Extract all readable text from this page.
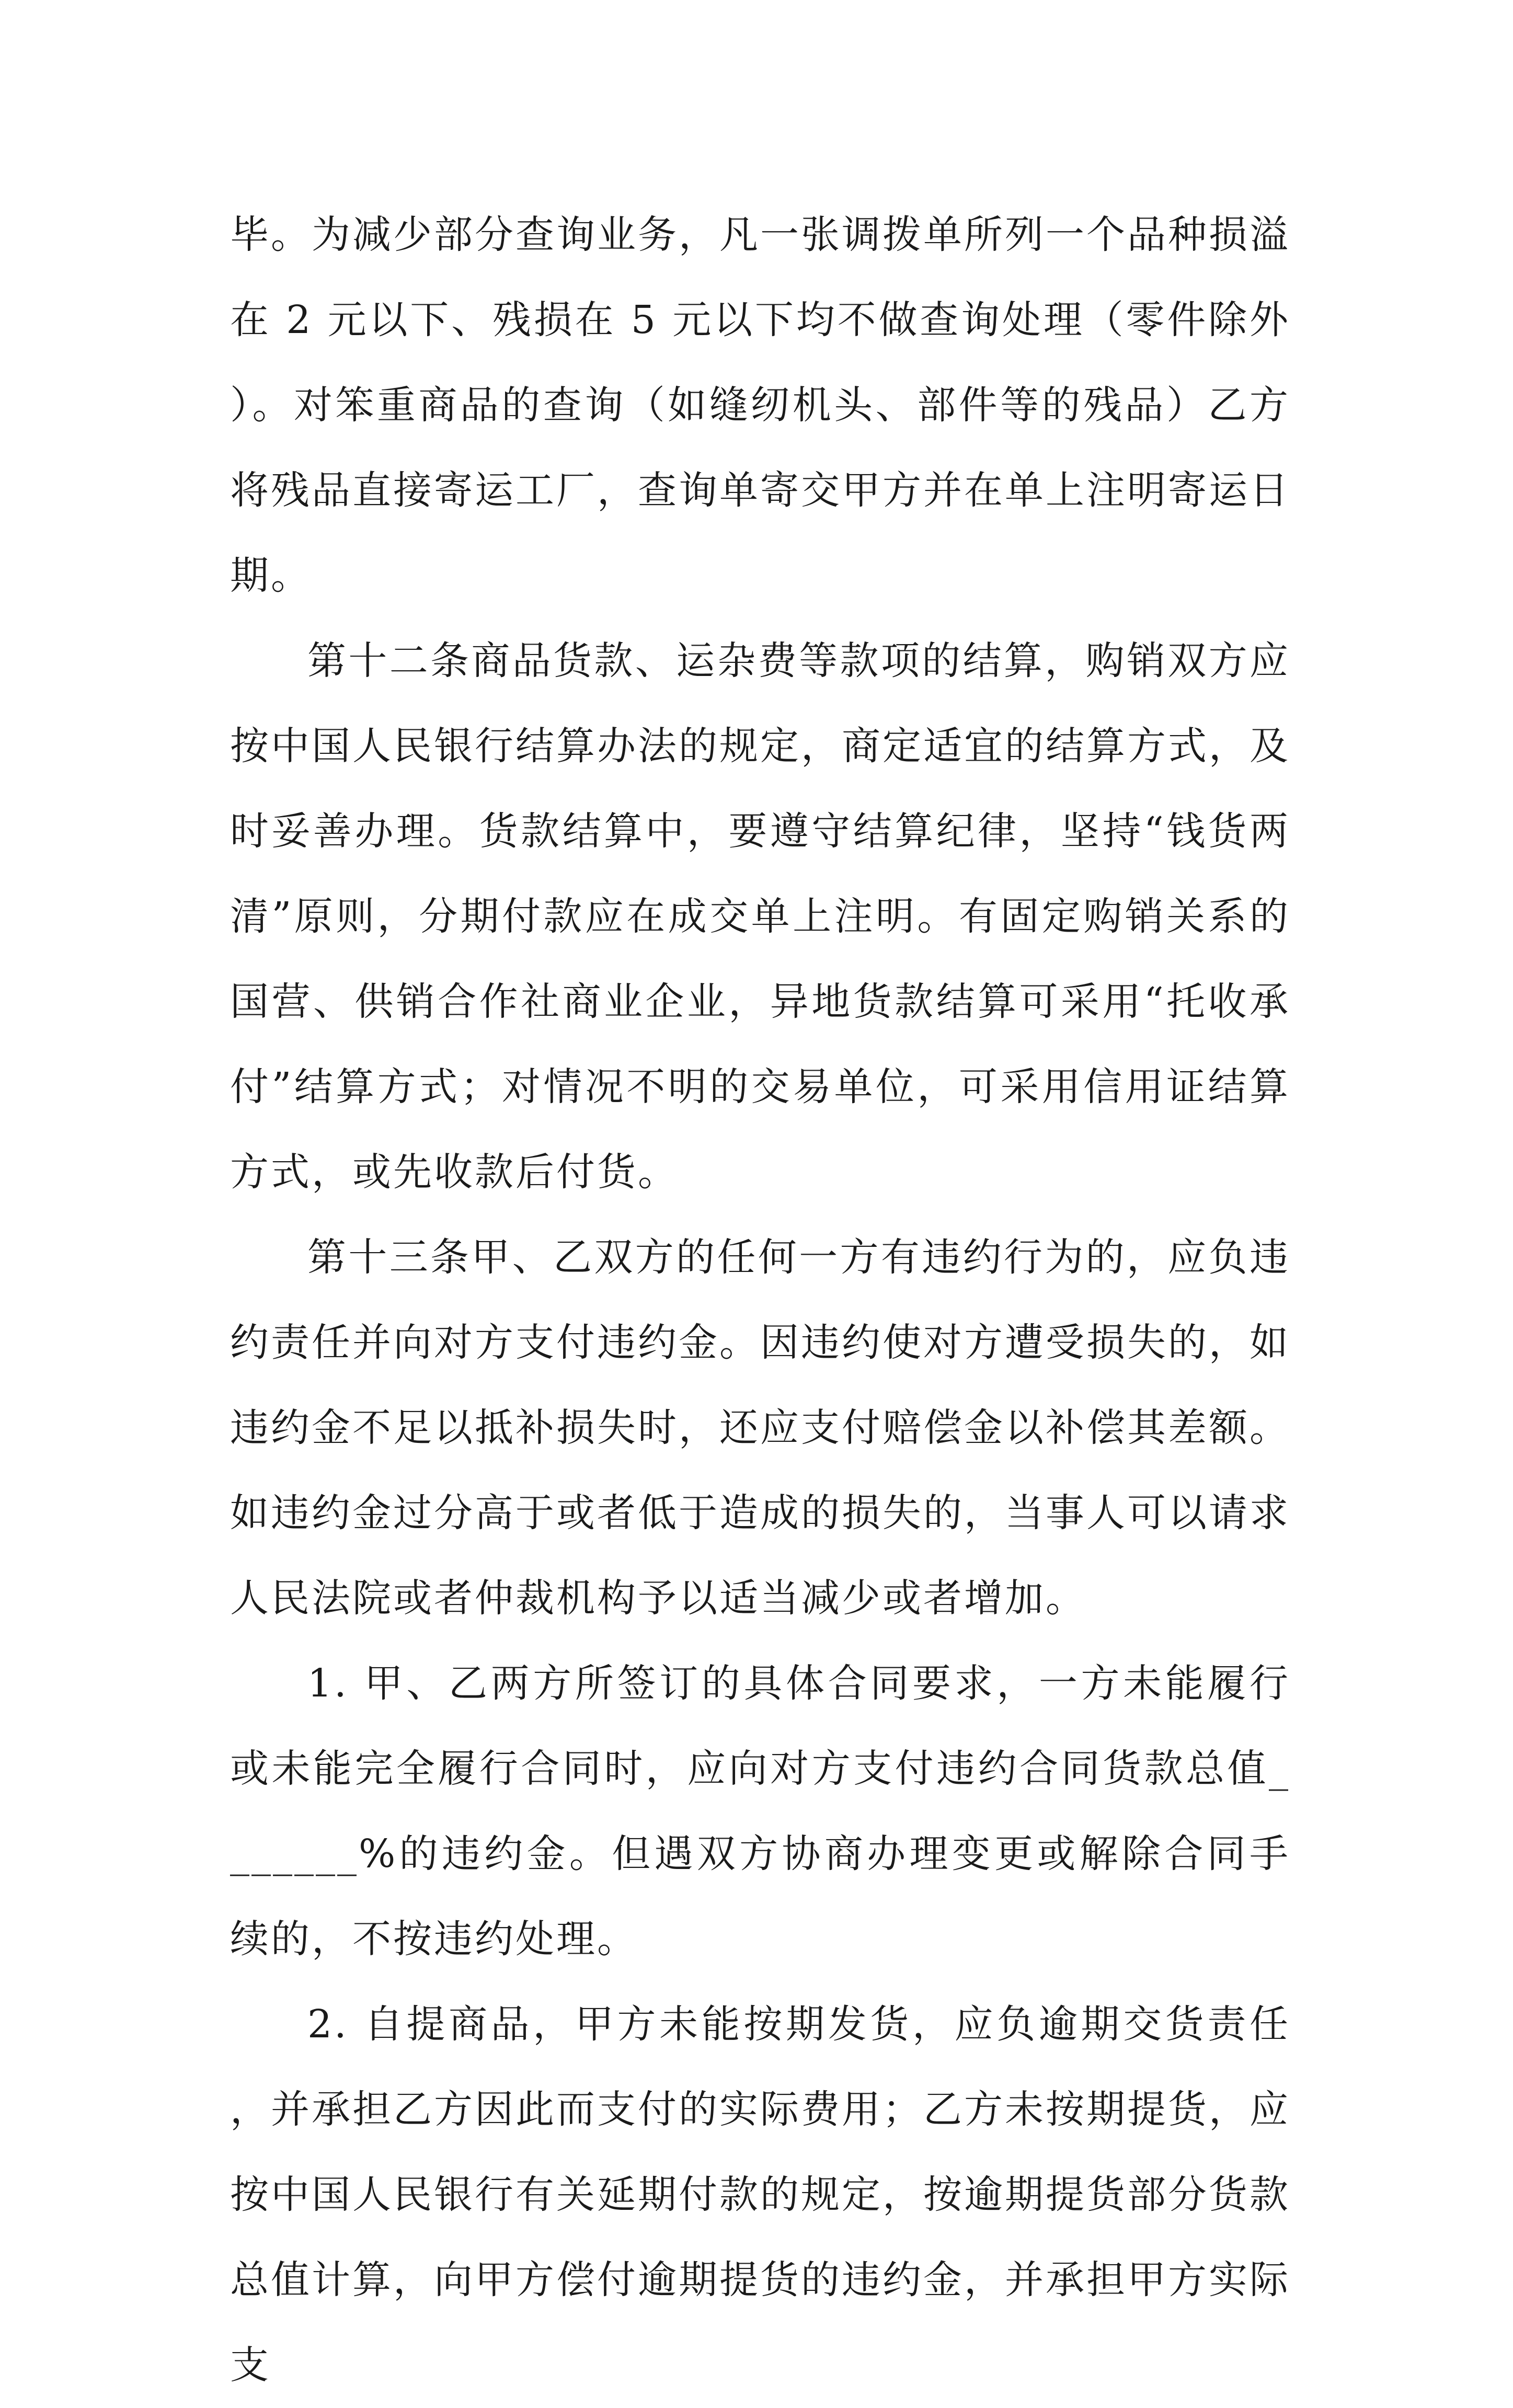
毕。为减少部分查询业务，凡一张调拨单所列一个品种损溢在 2 元以下、残损在 5 元以下均不做查询处理（零件除外）。对笨重商品的查询（如缝纫机头、部件等的残品）乙方将残品直接寄运工厂，查询单寄交甲方并在单上注明寄运日期。

第十二条商品货款、运杂费等款项的结算，购销双方应按中国人民银行结算办法的规定，商定适宜的结算方式，及时妥善办理。货款结算中，要遵守结算纪律，坚持“钱货两清”原则，分期付款应在成交单上注明。有固定购销关系的国营、供销合作社商业企业，异地货款结算可采用“托收承付”结算方式；对情况不明的交易单位，可采用信用证结算方式，或先收款后付货。

第十三条甲、乙双方的任何一方有违约行为的，应负违约责任并向对方支付违约金。因违约使对方遭受损失的，如违约金不足以抵补损失时，还应支付赔偿金以补偿其差额。如违约金过分高于或者低于造成的损失的，当事人可以请求人民法院或者仲裁机构予以适当减少或者增加。

1. 甲、乙两方所签订的具体合同要求，一方未能履行或未能完全履行合同时，应向对方支付违约合同货款总值_______%的违约金。但遇双方协商办理变更或解除合同手续的，不按违约处理。

2. 自提商品，甲方未能按期发货，应负逾期交货责任，并承担乙方因此而支付的实际费用；乙方未按期提货，应按中国人民银行有关延期付款的规定，按逾期提货部分货款总值计算，向甲方偿付逾期提货的违约金，并承担甲方实际支
